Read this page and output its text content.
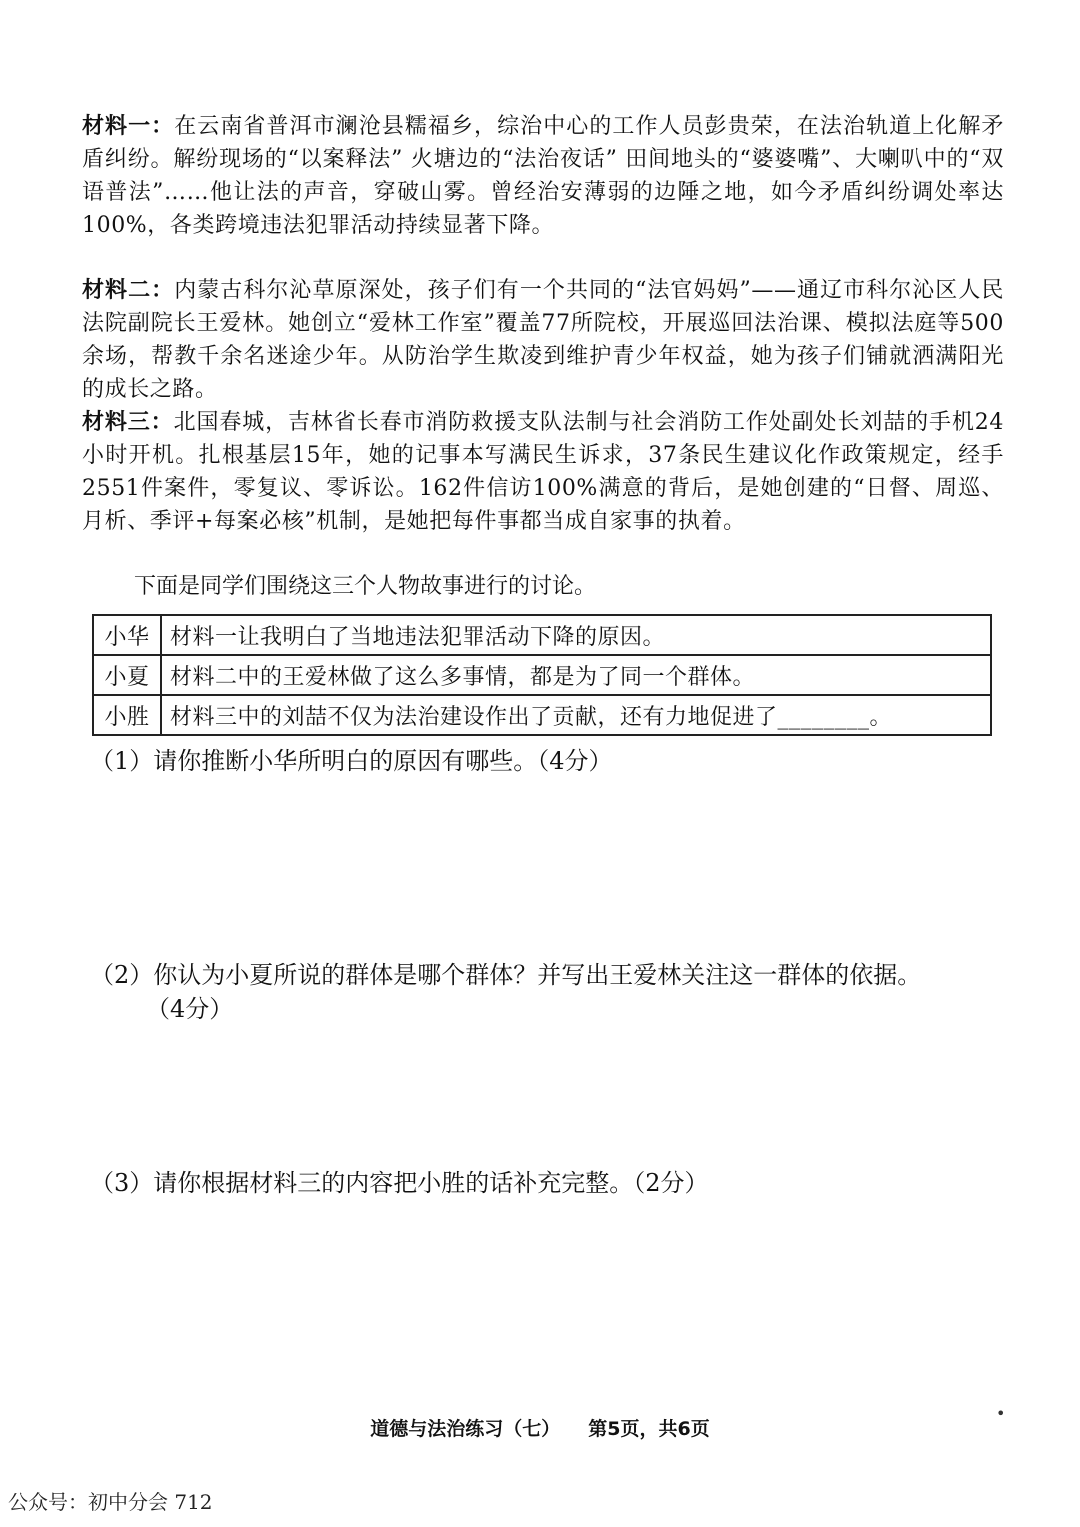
材料一：在云南省普洱市澜沧县糯福乡，综治中心的工作人员彭贵荣，在法治轨道上化解矛盾纠纷。解纷现场的“以案释法” 火塘边的“法治夜话” 田间地头的“婆婆嘴”、大喇叭中的“双语普法”……他让法的声音，穿破山雾。曾经治安薄弱的边陲之地，如今矛盾纠纷调处率达100%，各类跨境违法犯罪活动持续显著下降。

材料二：内蒙古科尔沁草原深处，孩子们有一个共同的“法官妈妈”——通辽市科尔沁区人民法院副院长王爱林。她创立“爱林工作室”覆盖77所院校，开展巡回法治课、模拟法庭等500余场，帮教千余名迷途少年。从防治学生欺凌到维护青少年权益，她为孩子们铺就洒满阳光的成长之路。

材料三：北国春城，吉林省长春市消防救援支队法制与社会消防工作处副处长刘喆的手机24小时开机。扎根基层15年，她的记事本写满民生诉求，37条民生建议化作政策规定，经手2551件案件，零复议、零诉讼。162件信访100%满意的背后，是她创建的“日督、周巡、月析、季评+每案必核”机制，是她把每件事都当成自家事的执着。

下面是同学们围绕这三个人物故事进行的讨论。

小华	材料一让我明白了当地违法犯罪活动下降的原因。
小夏	材料二中的王爱林做了这么多事情，都是为了同一个群体。
小胜	材料三中的刘喆不仅为法治建设作出了贡献，还有力地促进了________。

（1）请你推断小华所明白的原因有哪些。（4分）

（2）你认为小夏所说的群体是哪个群体？并写出王爱林关注这一群体的依据。
（4分）

（3）请你根据材料三的内容把小胜的话补充完整。（2分）

道德与法治练习（七） 第5页，共6页
•
公众号：初中分会 712
